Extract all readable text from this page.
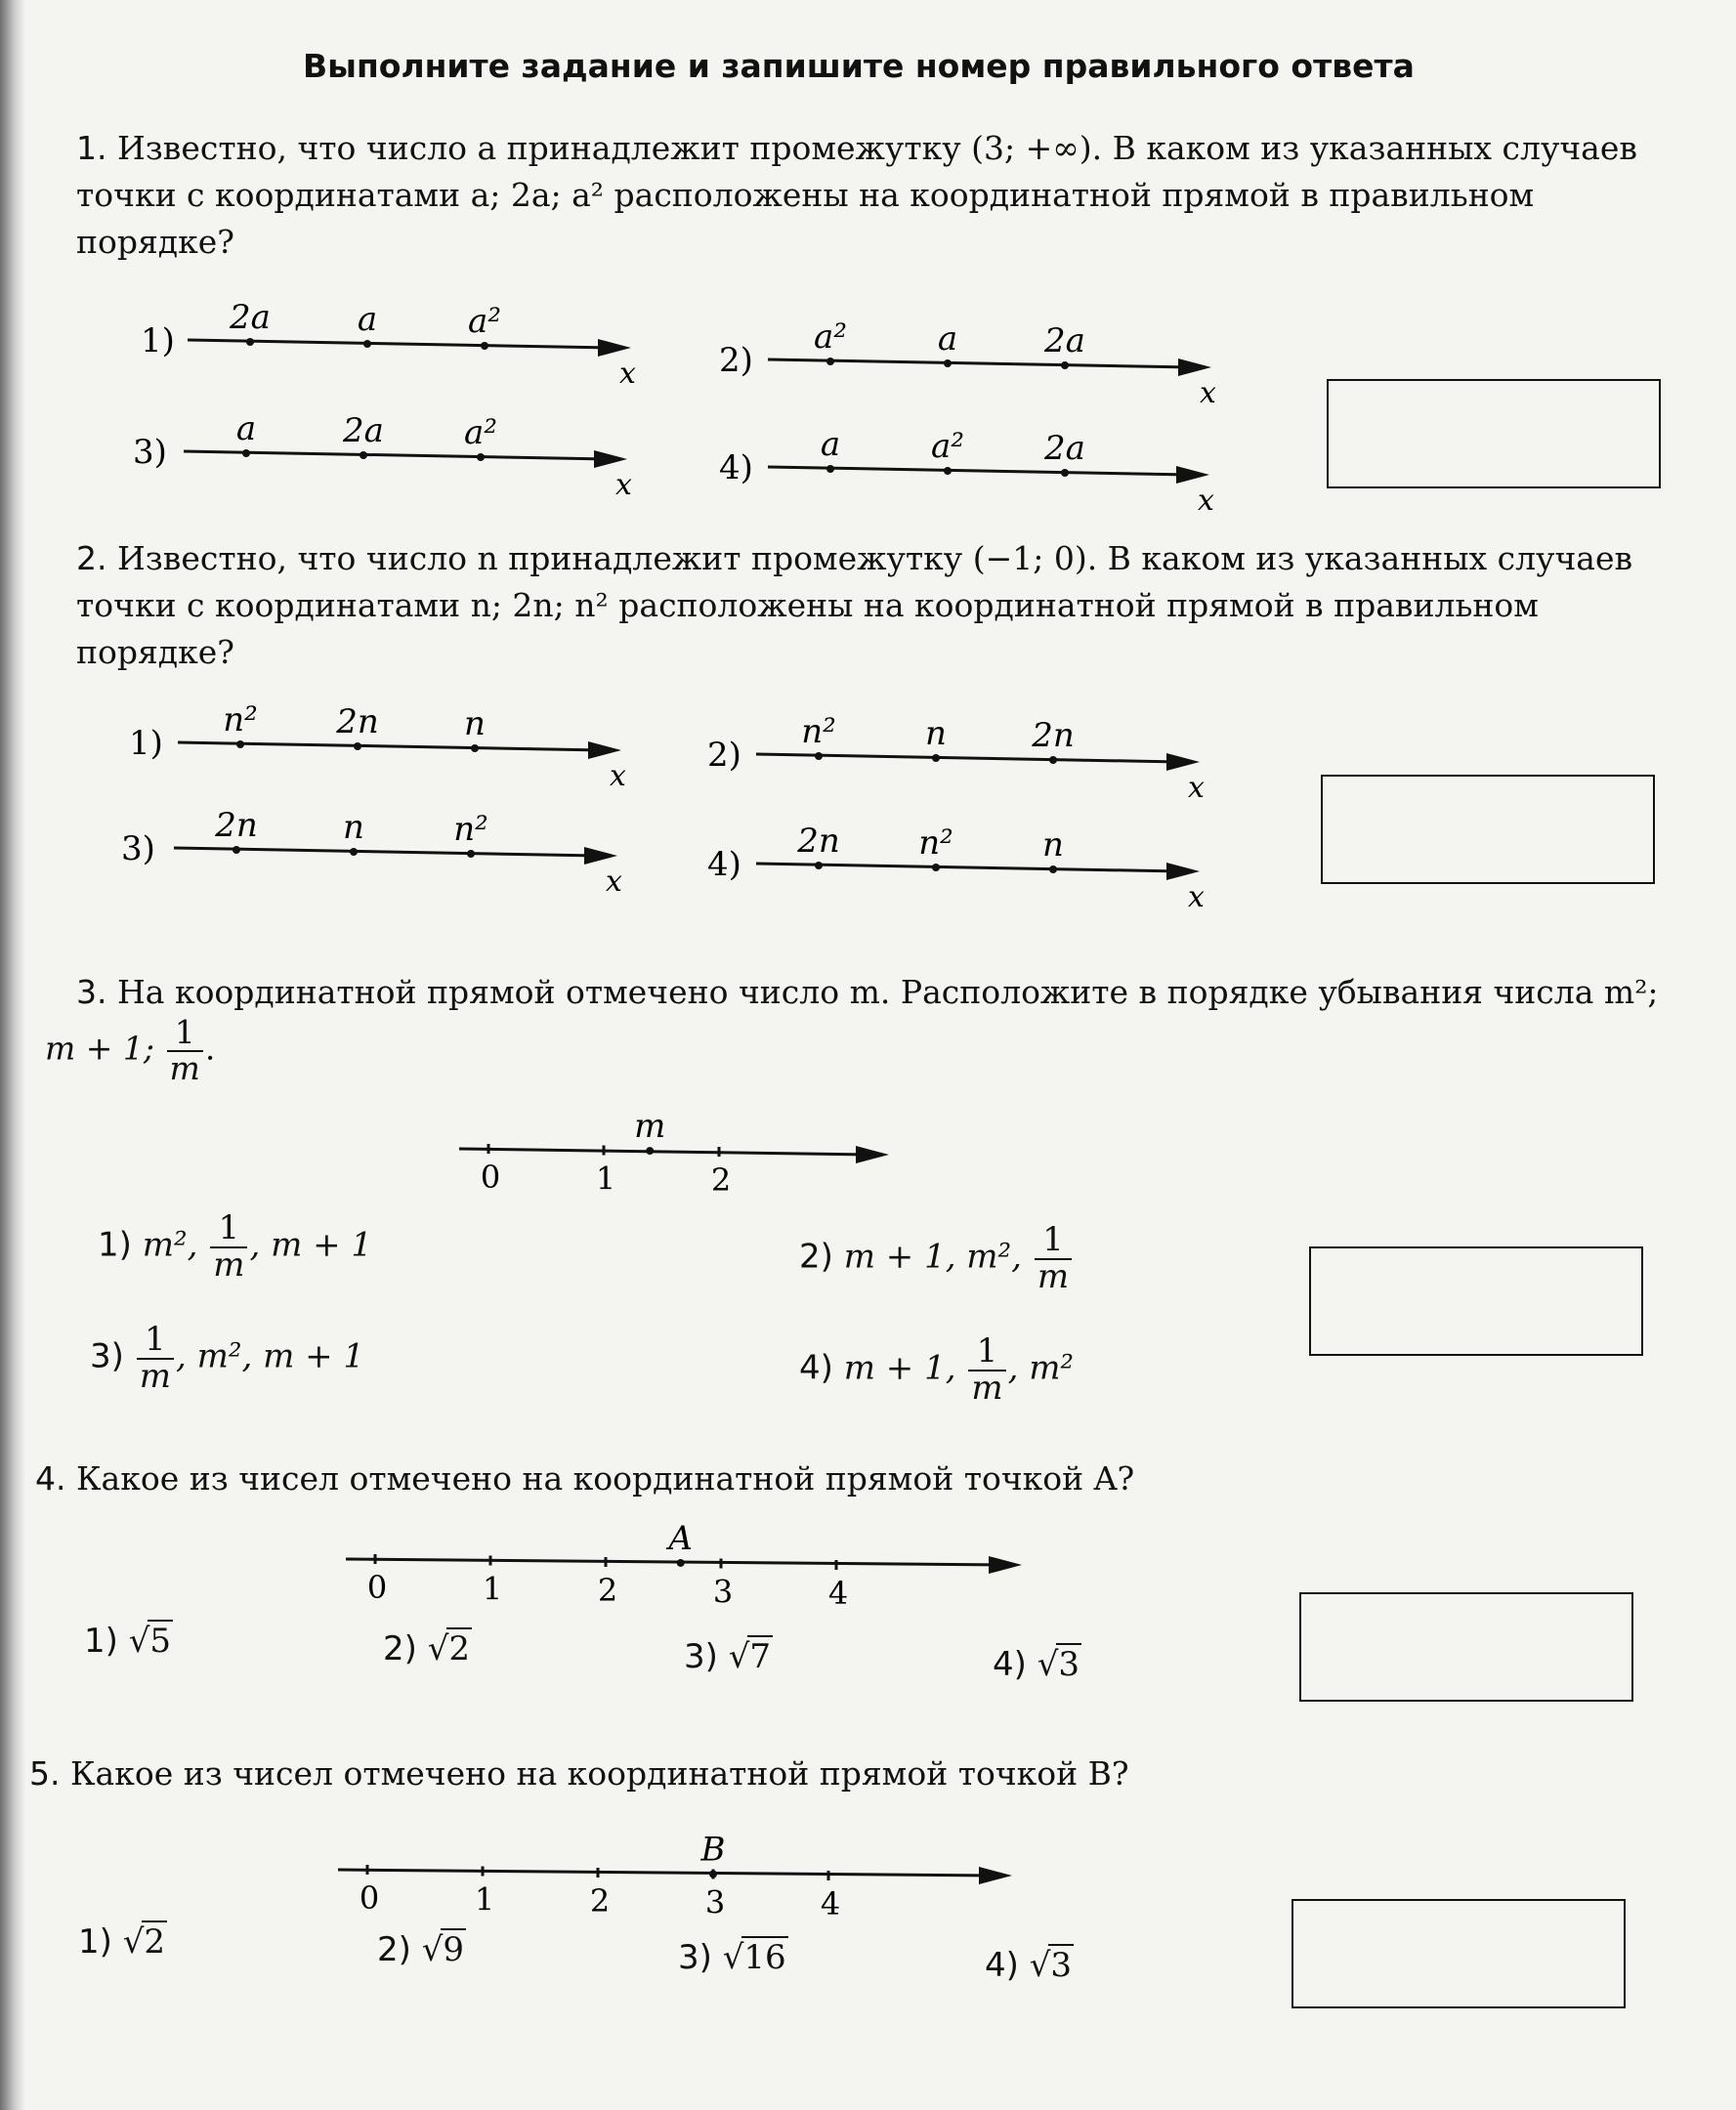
Выполните задание и запишите номер правильного ответа
1. Известно, что число a принадлежит промежутку (3; +∞). В каком из указанных случаев точки с координатами a; 2a; a² расположены на координатной прямой в правильном порядке?
1)
2a	a	a²
x	2)
a²	a	2a
x
3)
a	2a a²
x	4)
a	a² 2a
x
2. Известно, что число n принадлежит промежутку (−1; 0). В каком из указанных случаев точки с координатами n; 2n; n² расположены на координатной прямой в правильном порядке?
1)
n² 2n	n
x
2)
n²	n	2n
x
3)
2n	n	n²
x	4)
2n n²	n
x
3. На координатной прямой отмечено число m. Расположите в порядке убывания числа m²;
m + 1; $\frac{1}{m}$ .
0	1	2
m
1) m², $\frac{1}{m}$ , m + 1	2) m + 1, m², $\frac{1}{m}$
$3) \frac{1}{m}$ , m², m + 1	4) m + 1, $\frac{1}{m}$ , m²
4. Какое из чисел отмечено на координатной прямой точкой A?
0	1	2	3	4
A
1) √5	2) √2	3) √7	4) √3
5. Какое из чисел отмечено на координатной прямой точкой B?
0	1	2	3	4
B
1) √2	2) √9	3) √16	4) √3
